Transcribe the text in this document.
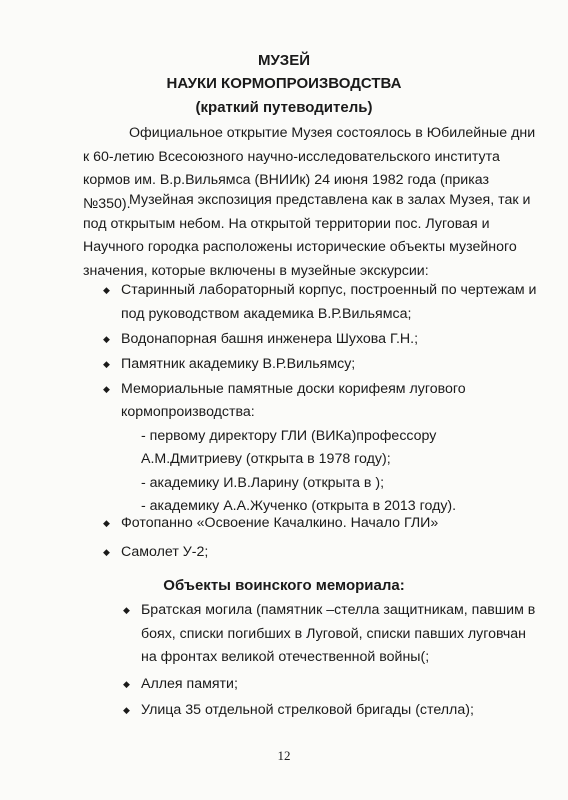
МУЗЕЙ
НАУКИ КОРМОПРОИЗВОДСТВА
(краткий путеводитель)

Официальное открытие Музея состоялось в Юбилейные дни к 60-летию Всесоюзного научно-исследовательского института кормов им. В.р.Вильямса (ВНИИк) 24 июня 1982 года (приказ №350).

Музейная экспозиция представлена как в залах Музея, так и под открытым небом. На открытой территории пос. Луговая и Научного городка расположены исторические объекты музейного значения, которые включены в музейные экскурсии:

◆ Старинный лабораторный корпус, построенный по чертежам и под руководством академика В.Р.Вильямса;
◆ Водонапорная башня инженера Шухова Г.Н.;
◆ Памятник академику В.Р.Вильямсу;
◆ Мемориальные памятные доски корифеям лугового кормопроизводства:
- первому директору ГЛИ (ВИКа)профессору А.М.Дмитриеву (открыта в 1978 году);
- академику И.В.Ларину (открыта в );
- академику А.А.Жученко (открыта в 2013 году).
◆ Фотопанно «Освоение Качалкино. Начало ГЛИ»
◆ Самолет У-2;
Объекты воинского мемориала:
◆ Братская могила (памятник –стелла защитникам, павшим в боях, списки погибших в Луговой, списки павших луговчан на фронтах великой отечественной войны(;
◆ Аллея памяти;
◆ Улица 35 отдельной стрелковой бригады (стелла);
12
